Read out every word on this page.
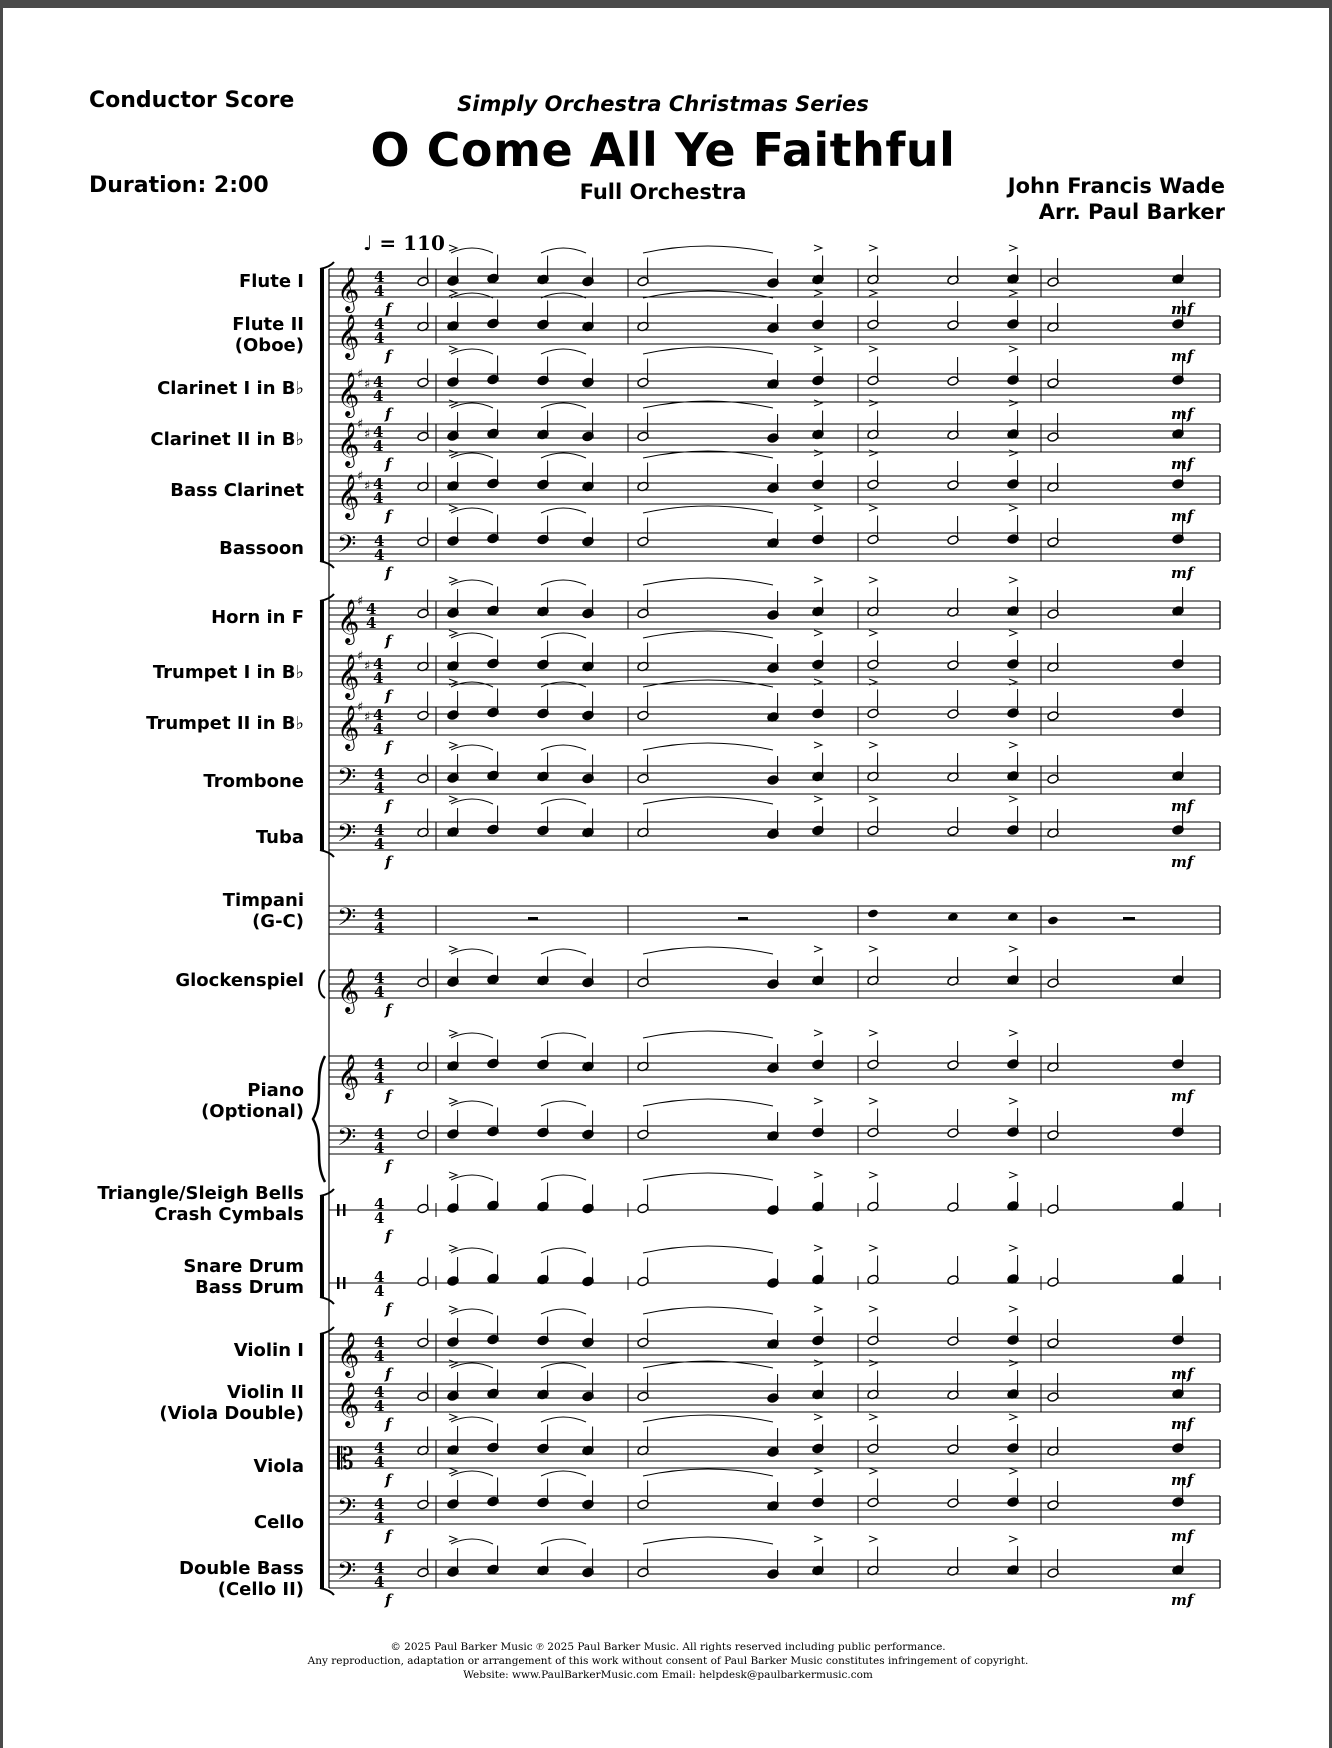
Conductor Score
Duration: 2:00
Simply Orchestra Christmas Series
O Come All Ye Faithful
Full Orchestra	John Francis Wade
Arr. Paul Barker
♩ = 110
Flute I
Flute II
(Oboe)
Clarinet I in B♭
Clarinet II in B♭
Bass Clarinet
Bassoon
Horn in F
Trumpet I in B♭
Trumpet II in B♭
Trombone
Tuba
Timpani
(G-C)
Glockenspiel
Piano
(Optional)
Triangle/Sleigh Bells
Crash Cymbals
Snare Drum
Bass Drum
Violin I
Violin II
(Viola Double)
Viola
Cello
Double Bass
(Cello II)
𝄞 4
4
f	mf
𝄞 4
4
f	mf
𝄞
♯
♯ 4
4
f	mf
𝄞
♯
♯ 4
4
f	mf
𝄞
♯
♯ 4
4
f	mf
𝄢 4
4
f	mf
𝄞
♯ 4
4
f
𝄞
♯
♯ 4
4
f
𝄞
♯
♯ 4
4
f
𝄢 4
4
f	mf
𝄢 4
4
f	mf
𝄢 4
4
𝄞 4
4
f
𝄞 4
4
f	mf
𝄢 4
4
f
4
4
f
4
4
f
𝄞 4
4
f	mf
𝄞 4
4
f	mf
𝄡 4
4
f	mf
𝄢 4
4
f	mf
𝄢 4
4
f	mf
© 2025 Paul Barker Music ℗ 2025 Paul Barker Music. All rights reserved including public performance.
Any reproduction, adaptation or arrangement of this work without consent of Paul Barker Music constitutes infringement of copyright.
Website: www.PaulBarkerMusic.com Email: helpdesk@paulbarkermusic.com
